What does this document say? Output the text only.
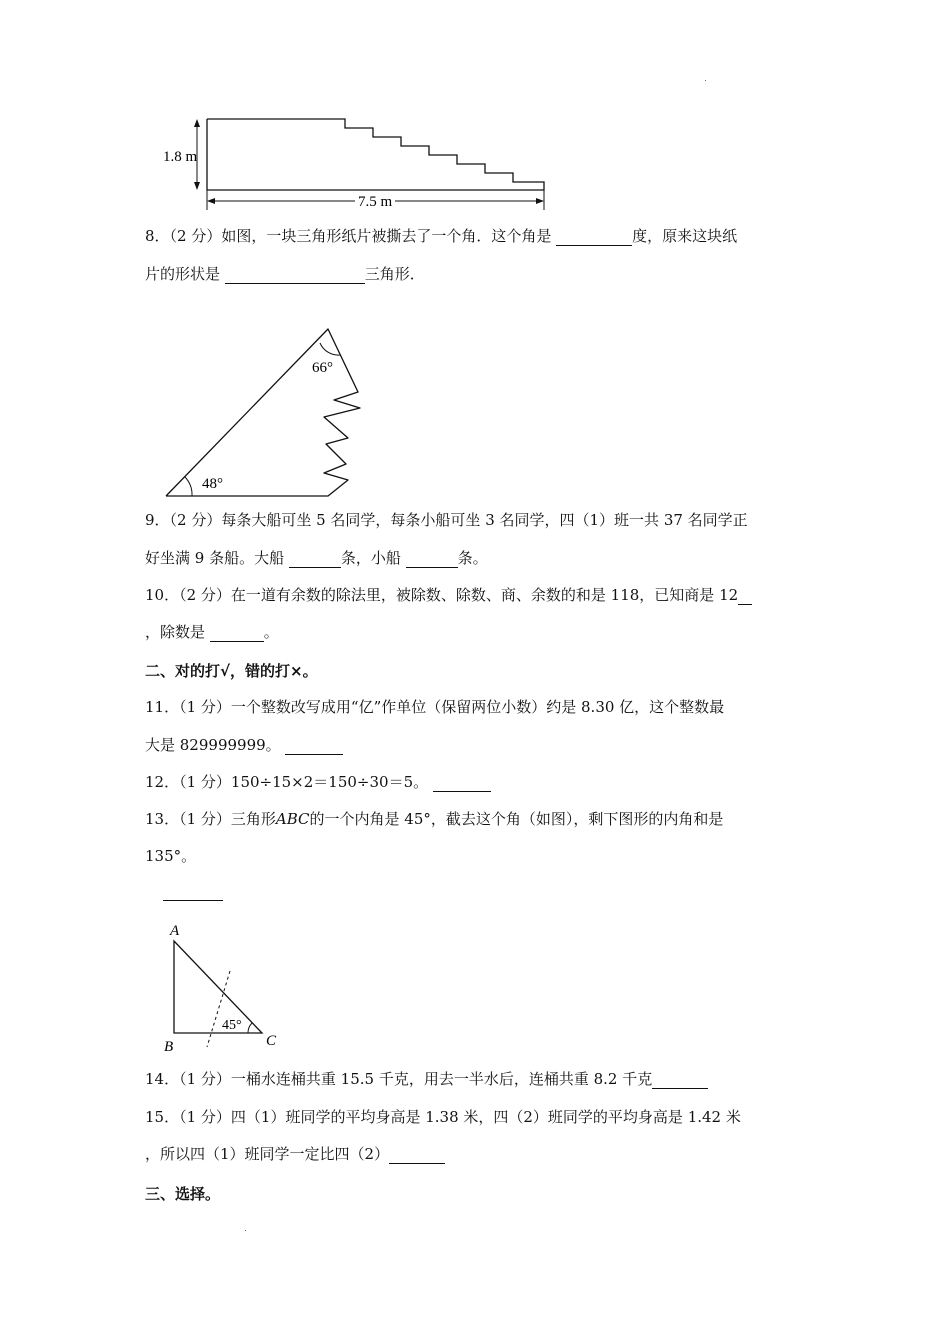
1.8 m
7.5 m
8．（2 分）如图，一块三角形纸片被撕去了一个角．这个角是	度，原来这块纸
片的形状是	三角形．
66°
48°
9．（2 分）每条大船可坐 5 名同学，每条小船可坐 3 名同学，四（1）班一共 37 名同学正
好坐满 9 条船。大船	条，小船	条。
10．（2 分）在一道有余数的除法里，被除数、除数、商、余数的和是 118，已知商是 12
，除数是	。
二、对的打√，错的打×。
11．（1 分）一个整数改写成用“亿”作单位（保留两位小数）约是 8.30 亿，这个整数最
大是 829999999。
12．（1 分）150÷15×2＝150÷30＝5。
13．（1 分）三角形ABC的一个内角是 45°，截去这个角（如图），剩下图形的内角和是
135°。
A
B	C
45°
14．（1 分）一桶水连桶共重 15.5 千克，用去一半水后，连桶共重 8.2 千克
15．（1 分）四（1）班同学的平均身高是 1.38 米，四（2）班同学的平均身高是 1.42 米
，所以四（1）班同学一定比四（2）
三、选择。
